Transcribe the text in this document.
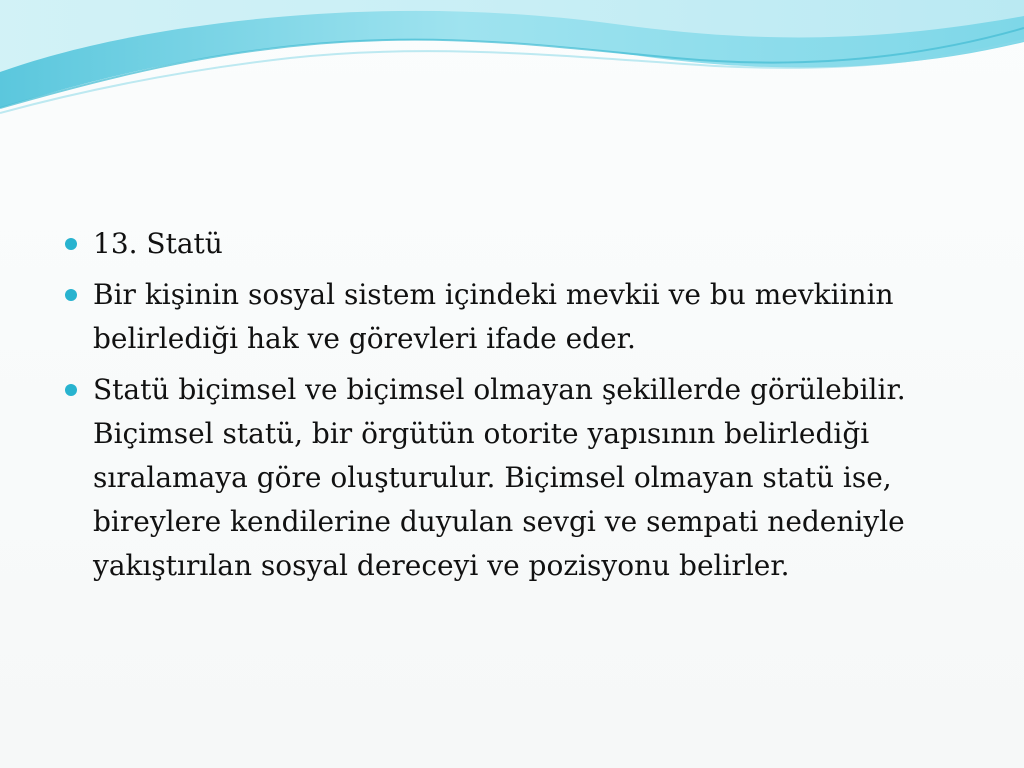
13. Statü
Bir kişinin sosyal sistem içindeki mevkii ve bu mevkiinin belirlediği hak ve görevleri ifade eder.
Statü biçimsel ve biçimsel olmayan şekillerde görülebilir. Biçimsel statü, bir örgütün otorite yapısının belirlediği sıralamaya göre oluşturulur. Biçimsel olmayan statü ise, bireylere kendilerine duyulan sevgi ve sempati nedeniyle yakıştırılan sosyal dereceyi ve pozisyonu belirler.
